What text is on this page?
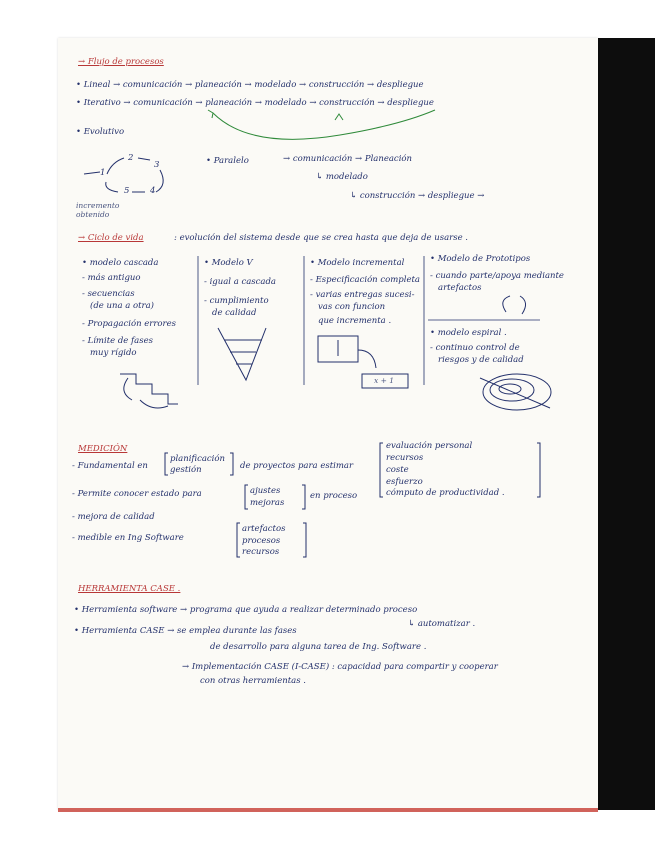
→ Flujo de procesos

• Lineal → comunicación → planeación → modelado → construcción → despliegue

• Iterativo → comunicación → planeación → modelado → construcción → despliegue

• Evolutivo

1
2
3
4
5

incremento

obtenido

• Paralelo	→ comunicación → Planeación

↳ modelado

↳ construcción → despliegue →

→ Ciclo de vida	: evolución del sistema desde que se crea hasta que deja de usarse .

• modelo cascada

- más antiguo

- secuencias

(de una a otra)

- Propagación errores

- Límite de fases

muy rígido

• Modelo V

- igual a cascada

- cumplimiento

de calidad

• Modelo incremental

- Especificación completa

- varias entregas sucesi-

vas con funcion

que incrementa .

x + 1

• Modelo de Prototipos

- cuando parte/apoya mediante

artefactos

• modelo espiral .

- continuo control de

riesgos y de calidad

MEDICIÓN

- Fundamental en

planificación

gestión	de proyectos para estimar

evaluación personal

recursos

coste

esfuerzo

cómputo de productividad .

- Permite conocer estado para	ajustes

mejoras

en proceso

- mejora de calidad

- medible en Ing Software

artefactos

procesos

recursos

HERRAMIENTA CASE .

• Herramienta software → programa que ayuda a realizar determinado proceso

↳ automatizar .

• Herramienta CASE → se emplea durante las fases

de desarrollo para alguna tarea de Ing. Software .

→ Implementación CASE (I-CASE) : capacidad para compartir y cooperar

con otras herramientas .
